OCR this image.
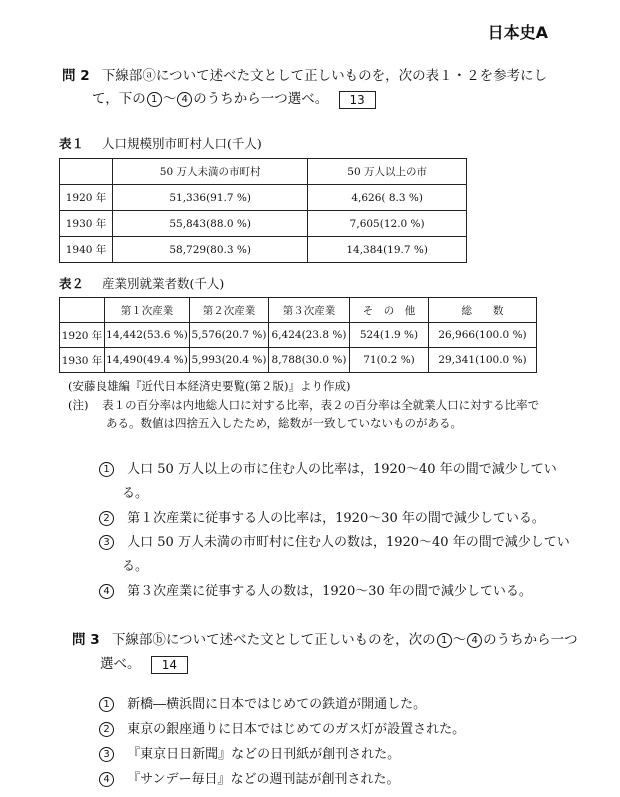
日本史A
問 2 下線部ⓐについて述べた文として正しいものを，次の表１・２を参考にし
て，下の 1 〜 4 のうちから一つ選べ。 13
表１ 人口規模別市町村人口(千人)
	50 万人未満の市町村	50 万人以上の市
1920 年	51,336(91.7 %)	4,626( 8.3 %)
1930 年	55,843(88.0 %)	7,605(12.0 %)
1940 年	58,729(80.3 %)	14,384(19.7 %)
表２ 産業別就業者数(千人)
	第１次産業	第２次産業	第３次産業	そ　の　他	総　　数
1920 年	14,442(53.6 %)	5,576(20.7 %)	6,424(23.8 %)	524(1.9 %)	26,966(100.0 %)
1930 年	14,490(49.4 %)	5,993(20.4 %)	8,788(30.0 %)	71(0.2 %)	29,341(100.0 %)
(安藤良雄編『近代日本経済史要覧(第２版)』より作成)
(注) 表１の百分率は内地総人口に対する比率，表２の百分率は全就業人口に対する比率で
ある。数値は四捨五入したため，総数が一致していないものがある。
1 人口 50 万人以上の市に住む人の比率は，1920〜40 年の間で減少してい
る。
2 第１次産業に従事する人の比率は，1920〜30 年の間で減少している。
3 人口 50 万人未満の市町村に住む人の数は，1920〜40 年の間で減少してい
る。
4 第３次産業に従事する人の数は，1920〜30 年の間で減少している。
問 3 下線部ⓑについて述べた文として正しいものを，次の 1 〜 4 のうちから一つ
選べ。 14
1 新橋―横浜間に日本ではじめての鉄道が開通した。
2 東京の銀座通りに日本ではじめてのガス灯が設置された。
3 『東京日日新聞』などの日刊紙が創刊された。
4 『サンデー毎日』などの週刊誌が創刊された。
